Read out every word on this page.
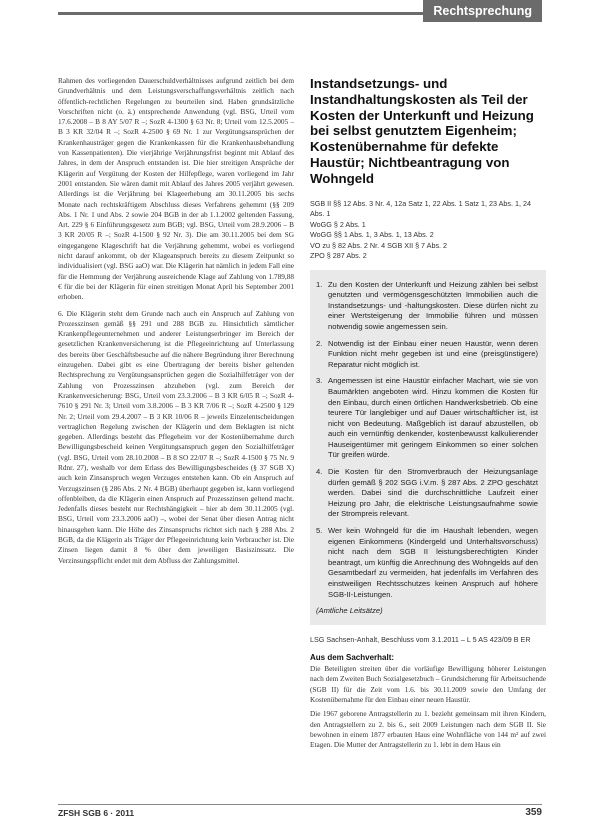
Rechtsprechung

Rahmen des vorliegenden Dauerschuldverhältnisses aufgrund zeitlich bei dem Grundverhältnis und dem Leistungsverschaffungsverhältnis zeitlich nach öffentlich-rechtlichen Regelungen zu beurteilen sind. Haben grundsätzliche Vorschriften nicht (o. ä.) entsprechende Anwendung (vgl. BSG, Urteil vom 17.6.2008 – B 8 AY 5/07 R –; SozR 4-1300 § 63 Nr. 8; Urteil vom 12.5.2005 – B 3 KR 32/04 R –; SozR 4-2500 § 69 Nr. 1 zur Vergütungsansprüchen der Krankenhausträger gegen die Krankenkassen für die Krankenhausbehandlung von Kassenpatienten). Die vierjährige Verjährungsfrist beginnt mit Ablauf des Jahres, in dem der Anspruch entstanden ist. Die hier streitigen Ansprüche der Klägerin auf Vergütung der Kosten der Hilfepflege, waren vorliegend im Jahr 2001 entstanden. Sie wären damit mit Ablauf des Jahres 2005 verjährt gewesen. Allerdings ist die Verjährung bei Klageerhebung am 30.11.2005 bis sechs Monate nach rechtskräftigem Abschluss dieses Verfahrens gehemmt (§§ 209 Abs. 1 Nr. 1 und Abs. 2 sowie 204 BGB in der ab 1.1.2002 geltenden Fassung, Art. 229 § 6 Einführungsgesetz zum BGB; vgl. BSG, Urteil vom 28.9.2006 – B 3 KR 20/05 R –; SozR 4-1500 § 92 Nr. 3). Die am 30.11.2005 bei dem SG eingegangene Klageschrift hat die Verjährung gehemmt, wobei es vorliegend nicht darauf ankommt, ob der Klageanspruch bereits zu diesem Zeitpunkt so individualisiert (vgl. BSG aaO) war. Die Klägerin hat nämlich in jedem Fall eine für die Hemmung der Verjährung ausreichende Klage auf Zahlung von 1.789,88 € für die bei der Klägerin für einen streitigen Monat April bis September 2001 erhoben.

6. Die Klägerin steht dem Grunde nach auch ein Anspruch auf Zahlung von Prozesszinsen gemäß §§ 291 und 288 BGB zu. Hinsichtlich sämtlicher Krankenpflegeunternehmen und anderer Leistungserbringer im Bereich der gesetzlichen Krankenversicherung ist die Pflegeeinrichtung auf Unterlassung des bereits über Geschäftsbesuche auf die nähere Begründung ihrer Berechnung einzugehen. Dabei gibt es eine Übertragung der bereits bisher geltenden Rechtsprechung zu Vergütungsansprüchen gegen die Sozialhilfeträger von der Zahlung von Prozesszinsen abzuheben (vgl. zum Bereich der Krankenversicherung: BSG, Urteil vom 23.3.2006 – B 3 KR 6/05 R –; SozR 4-7610 § 291 Nr. 3; Urteil vom 3.8.2006 – B 3 KR 7/06 R –; SozR 4-2500 § 129 Nr. 2; Urteil vom 29.4.2007 – B 3 KR 10/06 R – jeweils Einzelentscheidungen vertraglichen Regelung zwischen der Klägerin und dem Beklagten ist nicht gegeben. Allerdings besteht das Pflegeheim vor der Kostenübernahme durch Bewilligungsbescheid keinen Vergütungsanspruch gegen den Sozialhilfeträger (vgl. BSG, Urteil vom 28.10.2008 – B 8 SO 22/07 R –; SozR 4-1500 § 75 Nr. 9 Rdnr. 27), weshalb vor dem Erlass des Bewilligungsbescheides (§ 37 SGB X) auch kein Zinsanspruch wegen Verzuges entstehen kann. Ob ein Anspruch auf Verzugszinsen (§ 286 Abs. 2 Nr. 4 BGB) überhaupt gegeben ist, kann vorliegend offenbleiben, da die Klägerin einen Anspruch auf Prozesszinsen geltend macht. Jedenfalls dieses besteht nur Rechtshängigkeit – hier ab dem 30.11.2005 (vgl. BSG, Urteil vom 23.3.2006 aaO) –, wobei der Senat über diesen Antrag nicht hinausgehen kann. Die Höhe des Zinsanspruchs richtet sich nach § 288 Abs. 2 BGB, da die Klägerin als Träger der Pflegeeinrichtung kein Verbraucher ist. Die Zinsen liegen damit 8 % über dem jeweiligen Basiszinssatz. Die Verzinsungspflicht endet mit dem Abfluss der Zahlungsmittel.

Instandsetzungs- und Instandhaltungskosten als Teil der Kosten der Unterkunft und Heizung bei selbst genutztem Eigenheim; Kostenübernahme für defekte Haustür; Nichtbeantragung von Wohngeld
SGB II §§ 12 Abs. 3 Nr. 4, 12a Satz 1, 22 Abs. 1 Satz 1, 23 Abs. 1, 24 Abs. 1
WoGG § 2 Abs. 1
WoGG §§ 1 Abs. 1, 3 Abs. 1, 13 Abs. 2
VO zu § 82 Abs. 2 Nr. 4 SGB XII § 7 Abs. 2
ZPO § 287 Abs. 2
1. Zu den Kosten der Unterkunft und Heizung zählen bei selbst genutzten und vermögensgeschützten Immobilien auch die Instandsetzungs- und -haltungskosten. Diese dürfen nicht zu einer Wertsteigerung der Immobilie führen und müssen notwendig sowie angemessen sein.
2. Notwendig ist der Einbau einer neuen Haustür, wenn deren Funktion nicht mehr gegeben ist und eine (preisgünstigere) Reparatur nicht möglich ist.
3. Angemessen ist eine Haustür einfacher Machart, wie sie von Baumärkten angeboten wird. Hinzu kommen die Kosten für den Einbau, durch einen örtlichen Handwerksbetrieb. Ob eine teurere Tür langlebiger und auf Dauer wirtschaftlicher ist, ist nicht von Bedeutung. Maßgeblich ist darauf abzustellen, ob auch ein vernünftig denkender, kostenbewusst kalkulierender Hauseigentümer mit geringem Einkommen so einer solchen Tür greifen würde.
4. Die Kosten für den Stromverbrauch der Heizungsanlage dürfen gemäß § 202 SGG i.V.m. § 287 Abs. 2 ZPO geschätzt werden. Dabei sind die durchschnittliche Laufzeit einer Heizung pro Jahr, die elektrische Leistungsaufnahme sowie der Strompreis relevant.
5. Wer kein Wohngeld für die im Haushalt lebenden, wegen eigenen Einkommens (Kindergeld und Unterhaltsvorschuss) nicht nach dem SGB II leistungsberechtigten Kinder beantragt, um künftig die Anrechnung des Wohngelds auf den Gesamtbedarf zu vermeiden, hat jedenfalls im Verfahren des einstweiligen Rechtsschutzes keinen Anspruch auf höhere SGB-II-Leistungen.
(Amtliche Leitsätze)
LSG Sachsen-Anhalt, Beschluss vom 3.1.2011 – L 5 AS 423/09 B ER
Aus dem Sachverhalt:

Die Beteiligten streiten über die vorläufige Bewilligung höherer Leistungen nach dem Zweiten Buch Sozialgesetzbuch – Grundsicherung für Arbeitsuchende (SGB II) für die Zeit vom 1.6. bis 30.11.2009 sowie den Umfang der Kostenübernahme für den Einbau einer neuen Haustür.

Die 1967 geborene Antragstellerin zu 1. bezieht gemeinsam mit ihren Kindern, den Antragstellern zu 2. bis 6., seit 2009 Leistungen nach dem SGB II. Sie bewohnen in einem 1877 erbauten Haus eine Wohnfläche von 144 m² auf zwei Etagen. Die Mutter der Antragstellerin zu 1. lebt in dem Haus ein

ZFSH SGB 6 · 2011	359
